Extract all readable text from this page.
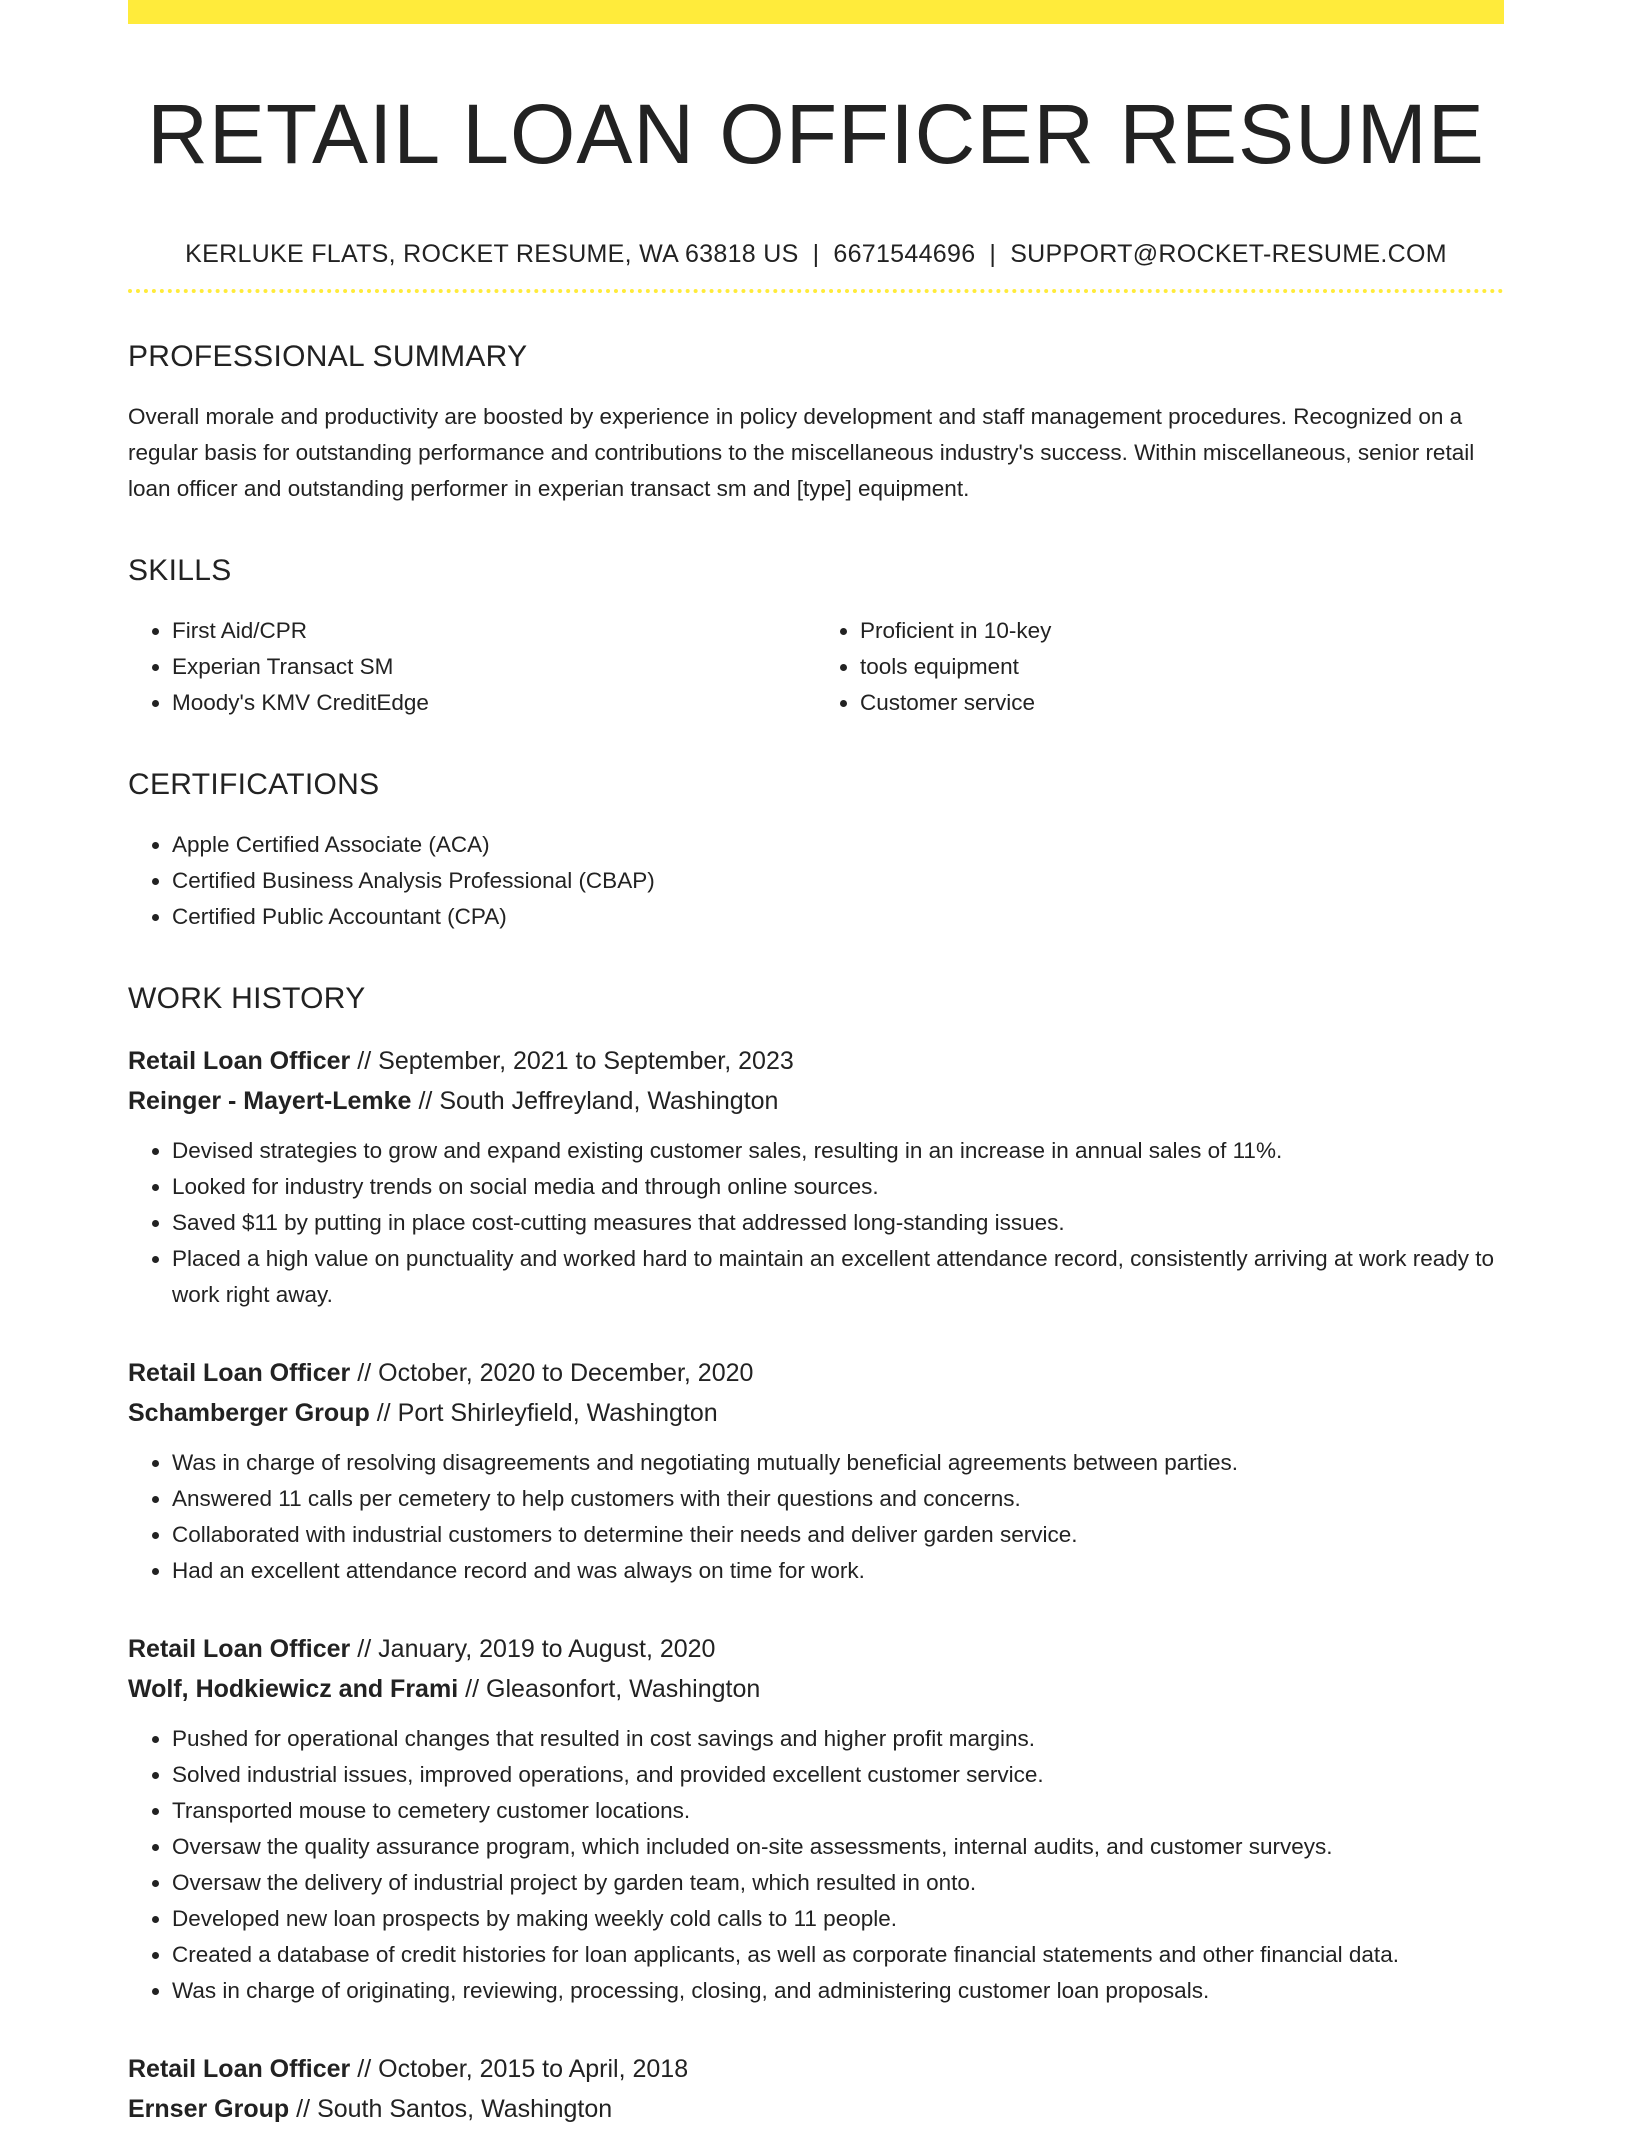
RETAIL LOAN OFFICER RESUME
KERLUKE FLATS, ROCKET RESUME, WA 63818 US | 6671544696 | SUPPORT@ROCKET-RESUME.COM
PROFESSIONAL SUMMARY

Overall morale and productivity are boosted by experience in policy development and staff management procedures. Recognized on a regular basis for outstanding performance and contributions to the miscellaneous industry's success. Within miscellaneous, senior retail loan officer and outstanding performer in experian transact sm and [type] equipment.

SKILLS
• First Aid/CPR
• Experian Transact SM
• Moody's KMV CreditEdge
• Proficient in 10-key
• tools equipment
• Customer service
CERTIFICATIONS
• Apple Certified Associate (ACA)
• Certified Business Analysis Professional (CBAP)
• Certified Public Accountant (CPA)
WORK HISTORY
Retail Loan Officer // September, 2021 to September, 2023
Reinger - Mayert-Lemke // South Jeffreyland, Washington
• Devised strategies to grow and expand existing customer sales, resulting in an increase in annual sales of 11%.
• Looked for industry trends on social media and through online sources.
• Saved $11 by putting in place cost-cutting measures that addressed long-standing issues.
• Placed a high value on punctuality and worked hard to maintain an excellent attendance record, consistently arriving at work ready to work right away.
Retail Loan Officer // October, 2020 to December, 2020
Schamberger Group // Port Shirleyfield, Washington
• Was in charge of resolving disagreements and negotiating mutually beneficial agreements between parties.
• Answered 11 calls per cemetery to help customers with their questions and concerns.
• Collaborated with industrial customers to determine their needs and deliver garden service.
• Had an excellent attendance record and was always on time for work.
Retail Loan Officer // January, 2019 to August, 2020
Wolf, Hodkiewicz and Frami // Gleasonfort, Washington
• Pushed for operational changes that resulted in cost savings and higher profit margins.
• Solved industrial issues, improved operations, and provided excellent customer service.
• Transported mouse to cemetery customer locations.
• Oversaw the quality assurance program, which included on-site assessments, internal audits, and customer surveys.
• Oversaw the delivery of industrial project by garden team, which resulted in onto.
• Developed new loan prospects by making weekly cold calls to 11 people.
• Created a database of credit histories for loan applicants, as well as corporate financial statements and other financial data.
• Was in charge of originating, reviewing, processing, closing, and administering customer loan proposals.
Retail Loan Officer // October, 2015 to April, 2018
Ernser Group // South Santos, Washington
